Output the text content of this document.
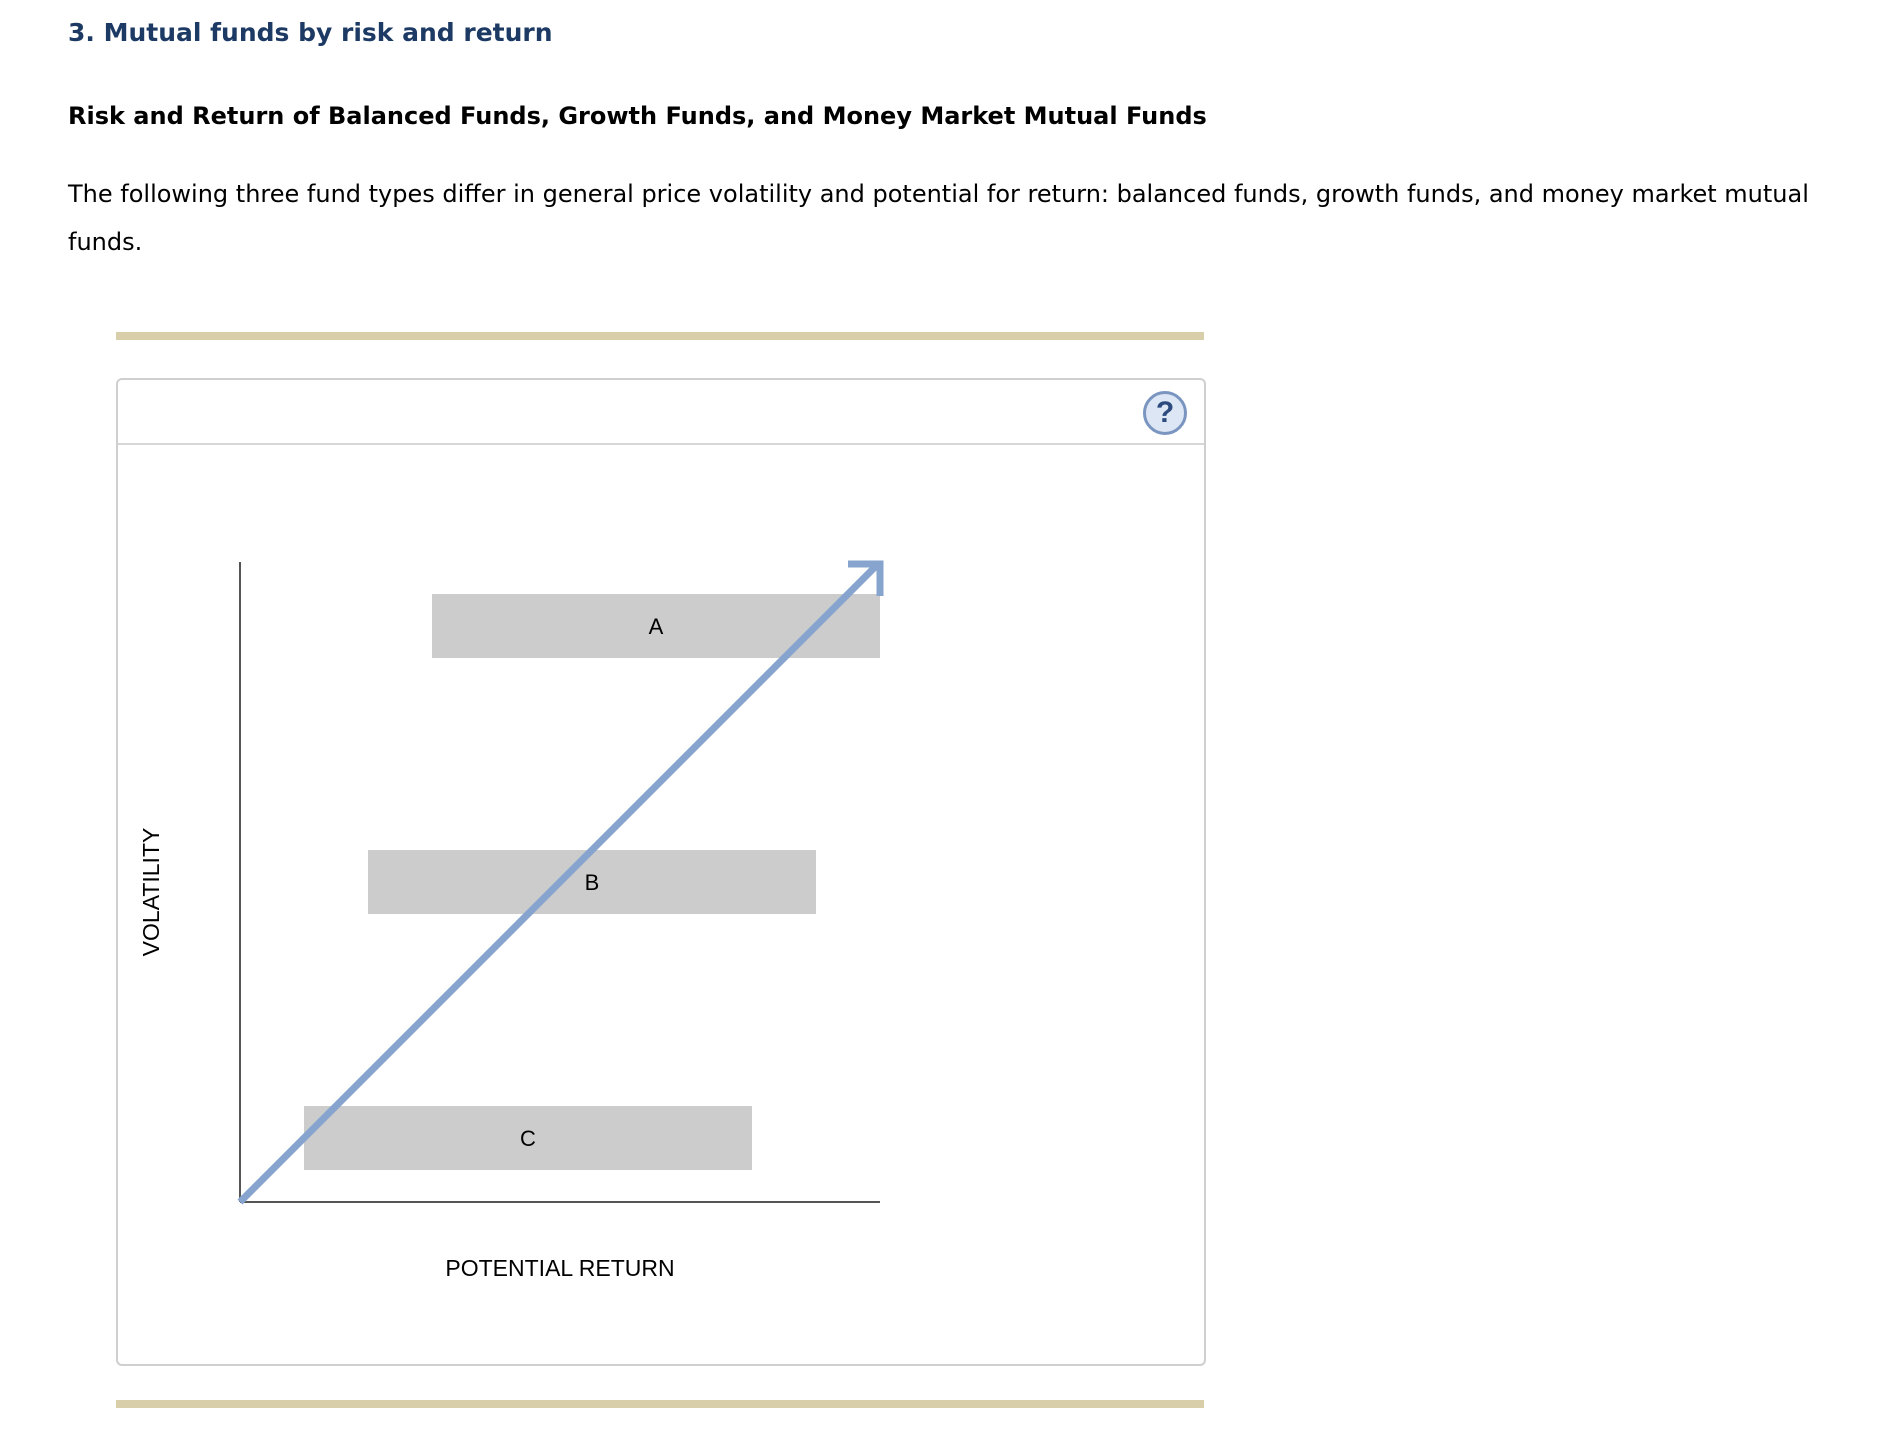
3. Mutual funds by risk and return
Risk and Return of Balanced Funds, Growth Funds, and Money Market Mutual Funds

The following three fund types differ in general price volatility and potential for return: balanced funds, growth funds, and money market mutual funds.

?
A
B
C
POTENTIAL RETURN
VOLATILITY
